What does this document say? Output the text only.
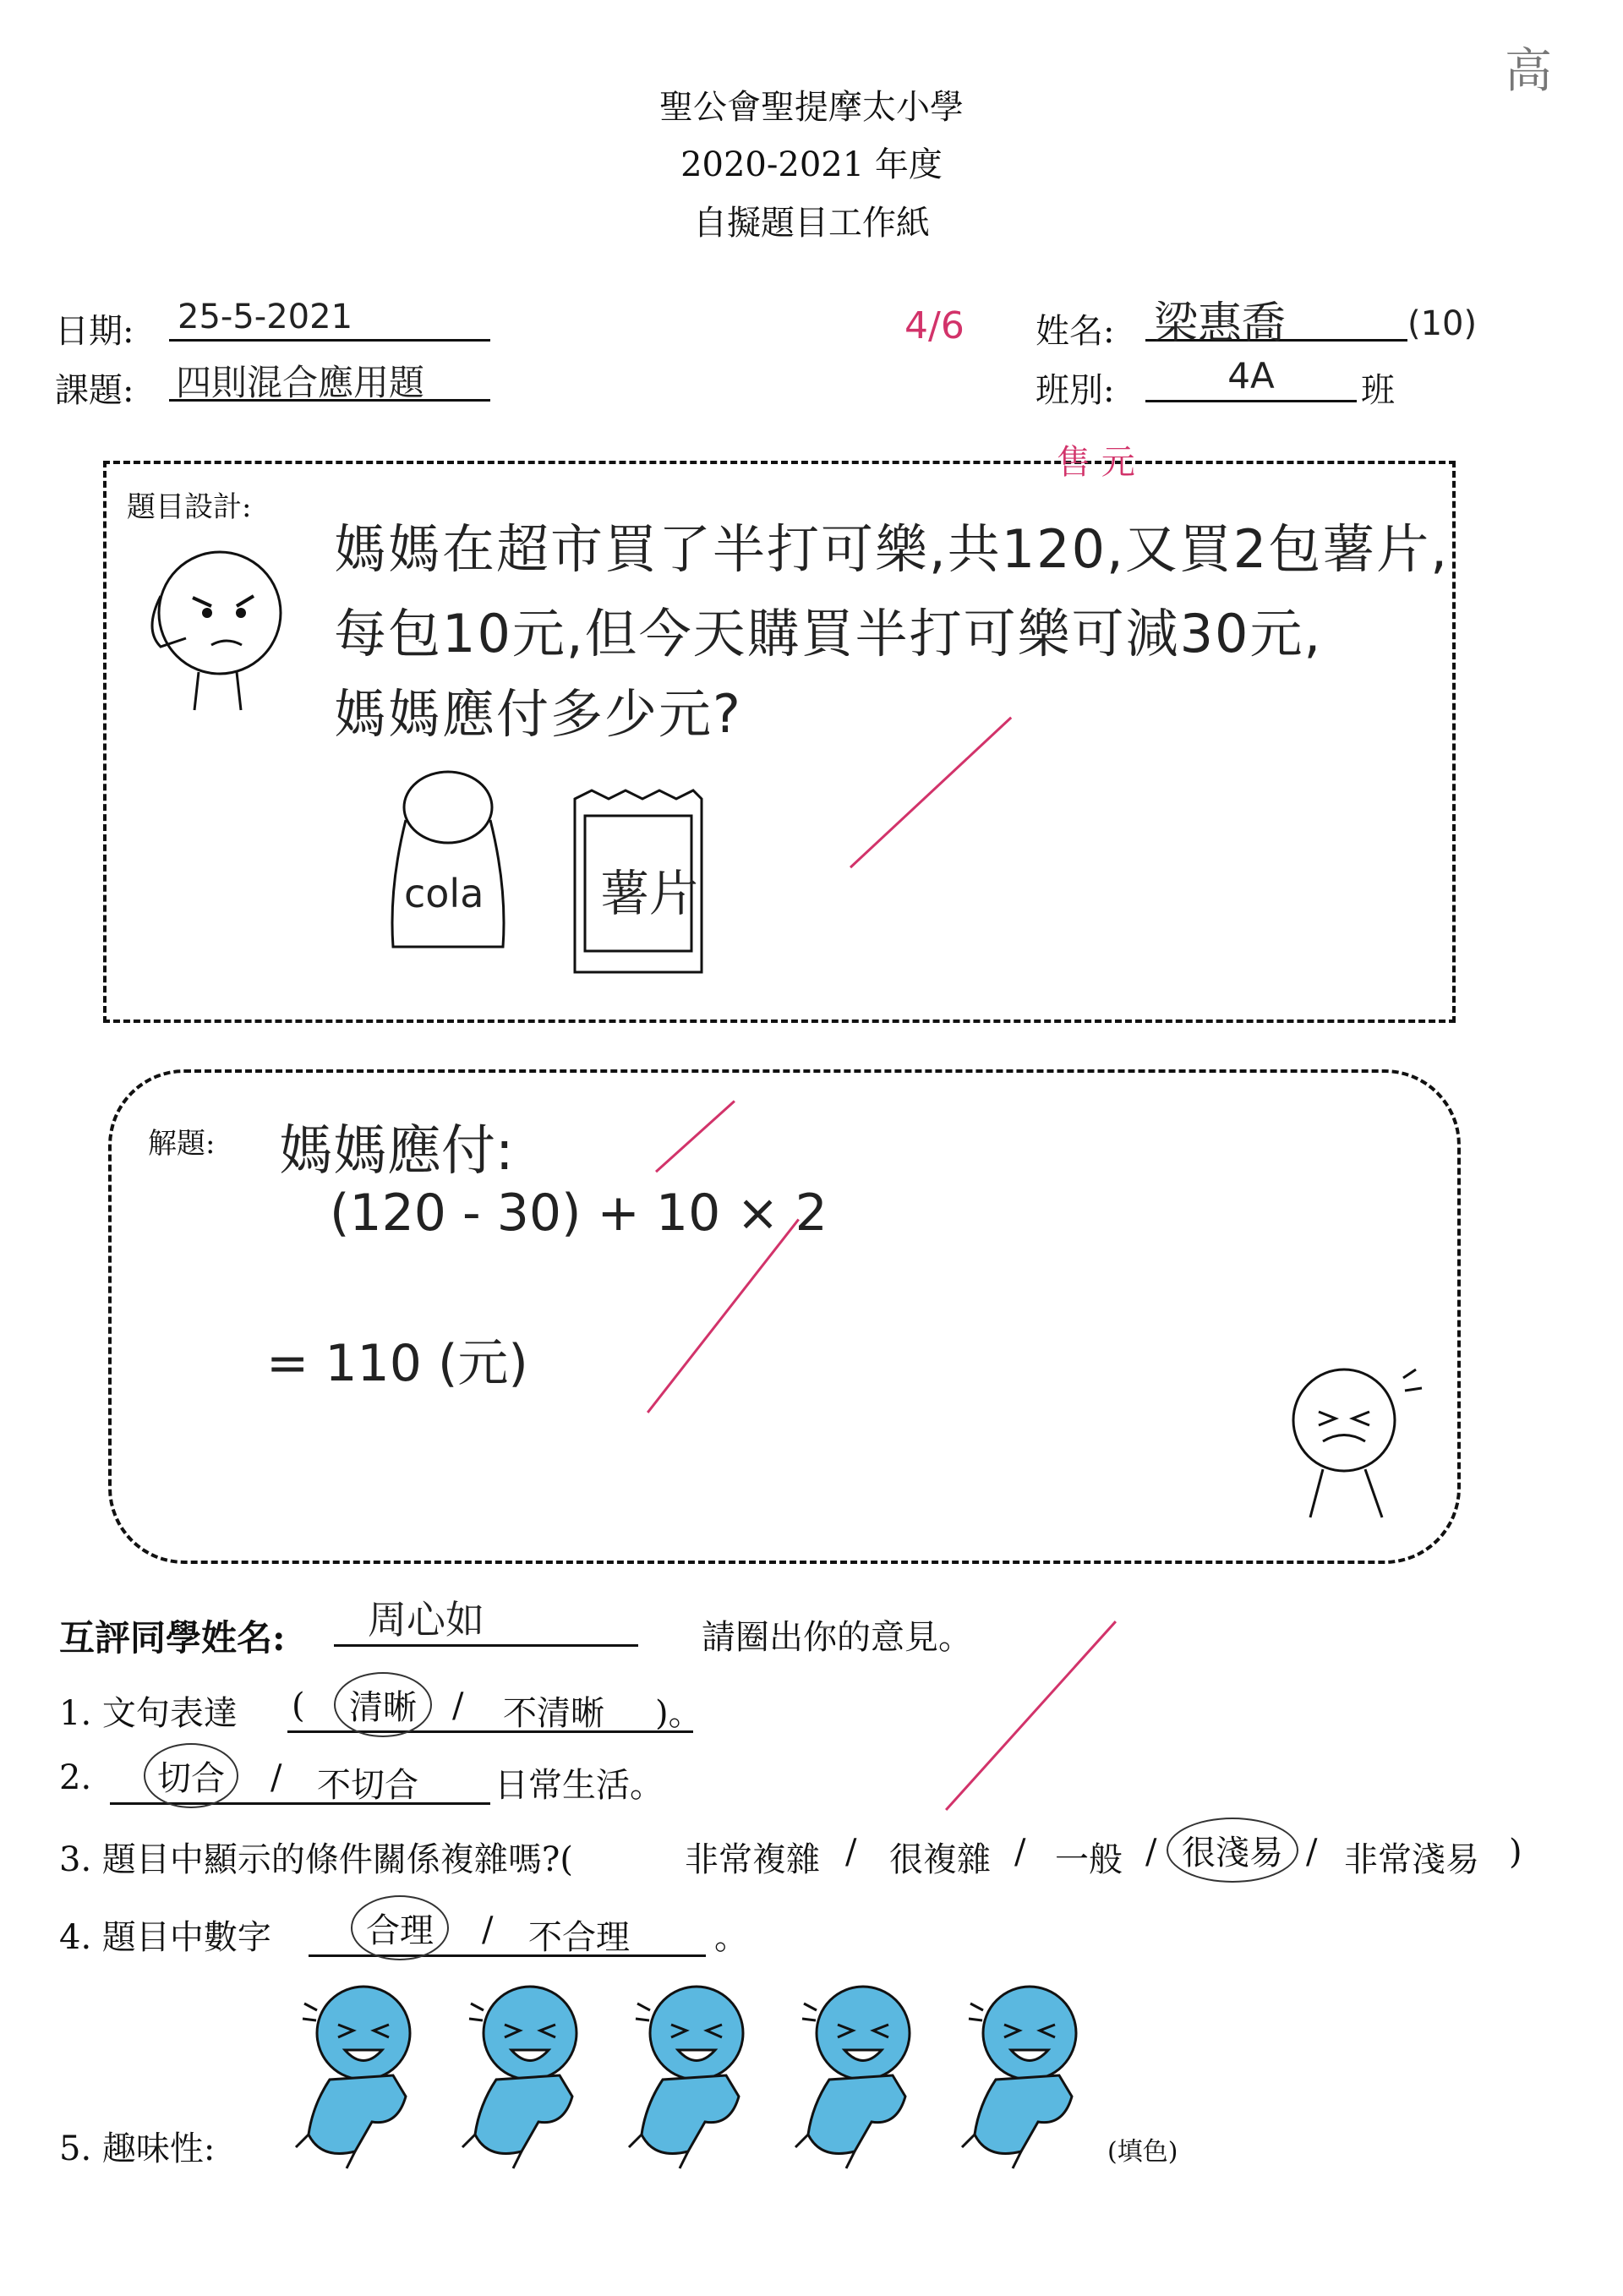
聖公會聖提摩太小學
2020-2021 年度
自擬題目工作紙
高
日期: 25-5-2021
課題: 四則混合應用題
4/6 姓名: 梁惠喬	(10)
班別:	4A	班
題目設計:
售 元
媽媽在超市買了半打可樂,共120,又買2包薯片,
每包10元,但今天購買半打可樂可減30元,
媽媽應付多少元?
cola 薯片
解題: 媽媽應付:
(120 - 30) + 10 × 2
= 110 (元)
互評同學姓名:	周心如	請圈出你的意見。
1. 文句表達 (	清晰	/ 不清晰 )。
2.	切合	/ 不切合 日常生活。
3. 題目中顯示的條件關係複雜嗎?(	非常複雜 / 很複雜 / 一般 / 很淺易 / 非常淺易 )
4. 題目中數字	合理	/ 不合理	。
5. 趣味性:	(填色)
